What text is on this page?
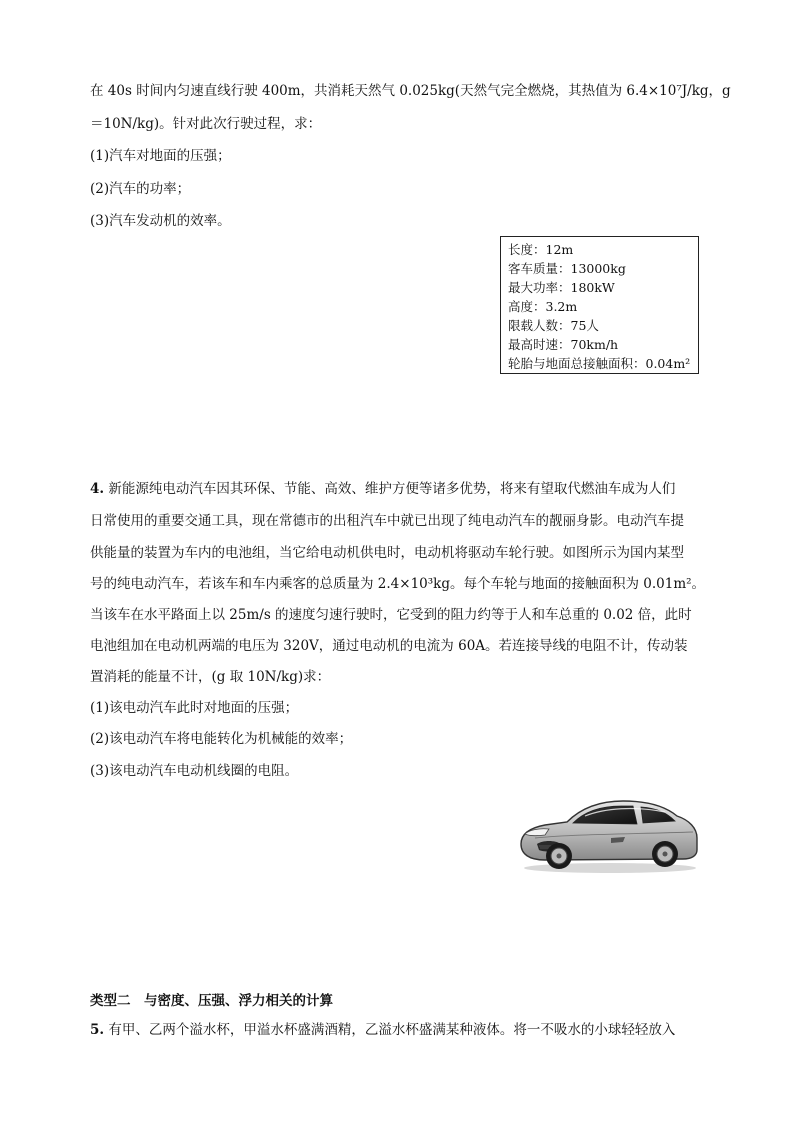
在 40s 时间内匀速直线行驶 400m，共消耗天然气 0.025kg(天然气完全燃烧，其热值为 6.4×10⁷J/kg，g
＝10N/kg)。针对此次行驶过程，求：
(1)汽车对地面的压强；
(2)汽车的功率；
(3)汽车发动机的效率。
长度：12m
客车质量：13000kg
最大功率：180kW
高度：3.2m
限载人数：75人
最高时速：70km/h
轮胎与地面总接触面积：0.04m²
4. 新能源纯电动汽车因其环保、节能、高效、维护方便等诸多优势，将来有望取代燃油车成为人们
日常使用的重要交通工具，现在常德市的出租汽车中就已出现了纯电动汽车的靓丽身影。电动汽车提
供能量的装置为车内的电池组，当它给电动机供电时，电动机将驱动车轮行驶。如图所示为国内某型
号的纯电动汽车，若该车和车内乘客的总质量为 2.4×10³kg。每个车轮与地面的接触面积为 0.01m²。
当该车在水平路面上以 25m/s 的速度匀速行驶时，它受到的阻力约等于人和车总重的 0.02 倍，此时
电池组加在电动机两端的电压为 320V，通过电动机的电流为 60A。若连接导线的电阻不计，传动装
置消耗的能量不计，(g 取 10N/kg)求：
(1)该电动汽车此时对地面的压强；
(2)该电动汽车将电能转化为机械能的效率；
(3)该电动汽车电动机线圈的电阻。
类型二　与密度、压强、浮力相关的计算
5. 有甲、乙两个溢水杯，甲溢水杯盛满酒精，乙溢水杯盛满某种液体。将一不吸水的小球轻轻放入
